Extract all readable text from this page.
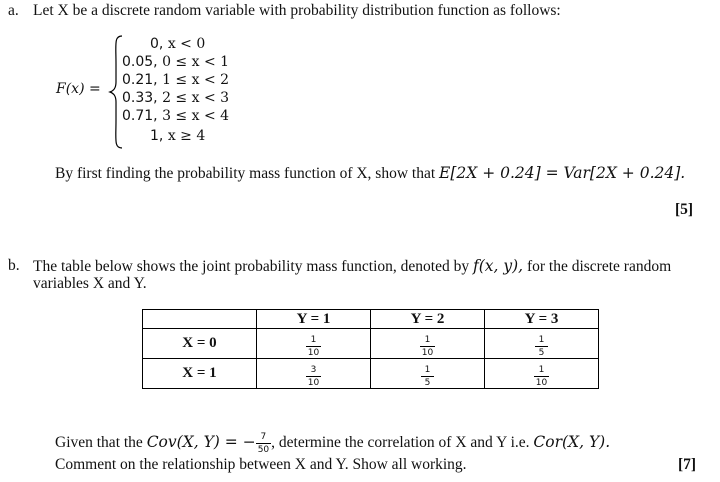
a. Let X be a discrete random variable with probability distribution function as follows:
F(x) =
0, x < 0
0.05, 0 ≤ x < 1
0.21, 1 ≤ x < 2
0.33, 2 ≤ x < 3
0.71, 3 ≤ x < 4
1, x ≥ 4
By first finding the probability mass function of X, show that E[2X + 0.24] = Var[2X + 0.24].
[5]
b. The table below shows the joint probability mass function, denoted by f(x, y), for the discrete random
variables X and Y.
	Y = 1	Y = 2	Y = 3
X = 0	$\frac{1}{10}$	$\frac{1}{10}$	$\frac{1}{5}$

X = 1	$\frac{3}{10}$	$\frac{1}{5}$	$\frac{1}{10}$
Given that the Cov(X, Y) = − $\frac{7}{50}$ , determine the correlation of X and Y i.e. Cor(X, Y).
Comment on the relationship between X and Y. Show all working.	[7]
